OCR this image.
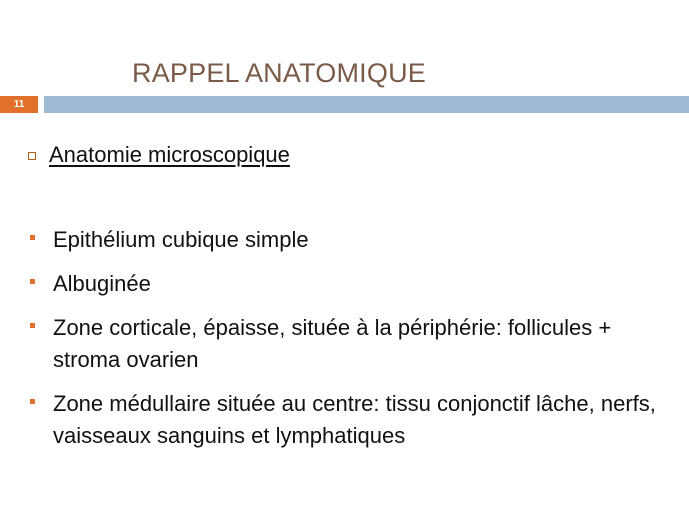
RAPPEL ANATOMIQUE
11
Anatomie microscopique
Epithélium cubique simple
Albuginée
Zone corticale, épaisse, située à la périphérie: follicules + stroma ovarien
Zone médullaire située au centre: tissu conjonctif lâche, nerfs, vaisseaux sanguins et lymphatiques
